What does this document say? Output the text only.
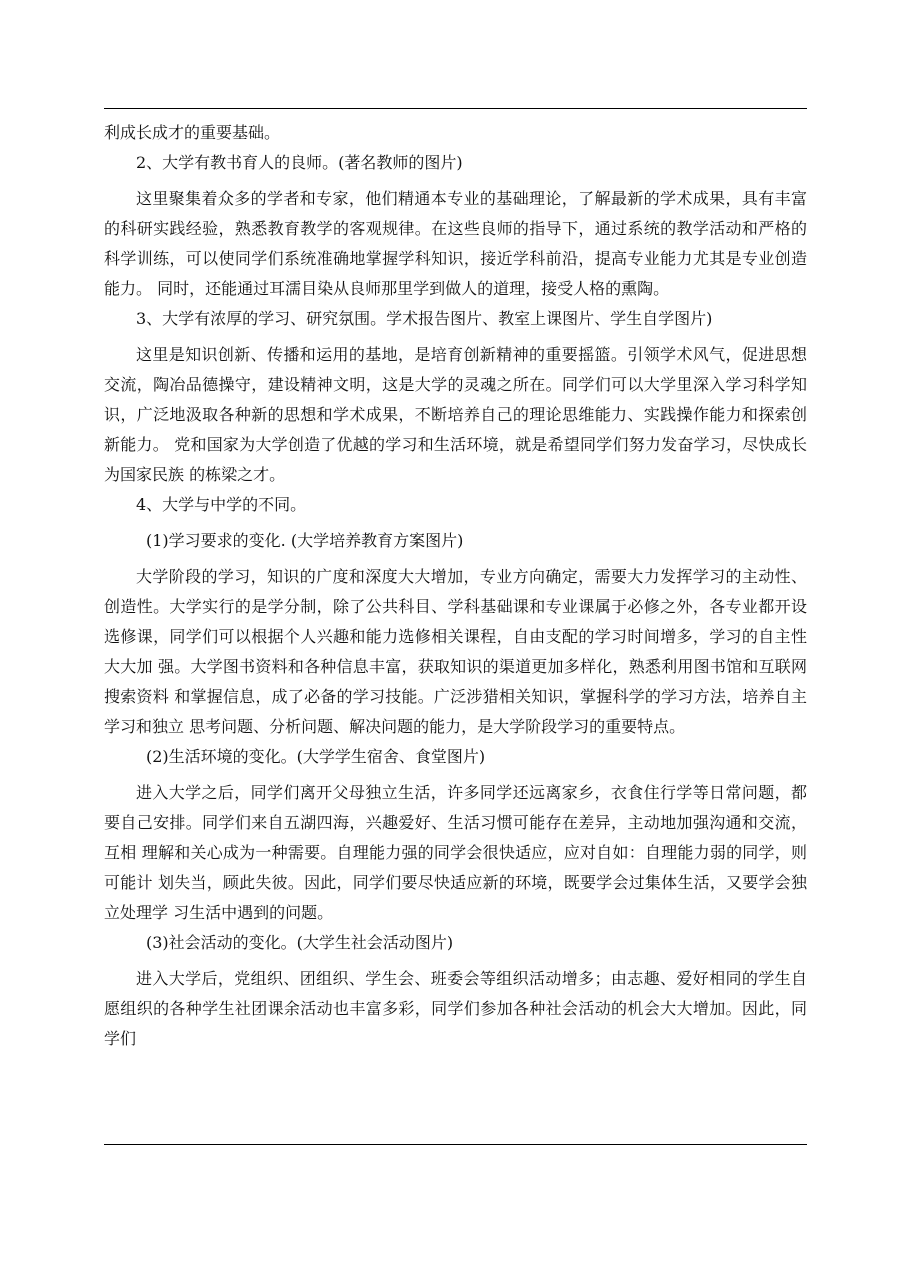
利成长成才的重要基础。

2、大学有教书育人的良师。(著名教师的图片)

这里聚集着众多的学者和专家，他们精通本专业的基础理论，了解最新的学术成果，具有丰富的科研实践经验，熟悉教育教学的客观规律。在这些良师的指导下，通过系统的教学活动和严格的科学训练，可以使同学们系统准确地掌握学科知识，接近学科前沿，提高专业能力尤其是专业创造能力。 同时，还能通过耳濡目染从良师那里学到做人的道理，接受人格的熏陶。

3、大学有浓厚的学习、研究氛围。学术报告图片、教室上课图片、学生自学图片)

这里是知识创新、传播和运用的基地，是培育创新精神的重要摇篮。引领学术风气，促进思想交流，陶冶品德操守，建设精神文明，这是大学的灵魂之所在。同学们可以大学里深入学习科学知识，广泛地汲取各种新的思想和学术成果，不断培养自己的理论思维能力、实践操作能力和探索创新能力。 党和国家为大学创造了优越的学习和生活环境，就是希望同学们努力发奋学习，尽快成长为国家民族 的栋梁之才。

4、大学与中学的不同。

(1)学习要求的变化. (大学培养教育方案图片)

大学阶段的学习，知识的广度和深度大大增加，专业方向确定，需要大力发挥学习的主动性、创造性。大学实行的是学分制，除了公共科目、学科基础课和专业课属于必修之外，各专业都开设选修课，同学们可以根据个人兴趣和能力选修相关课程，自由支配的学习时间增多，学习的自主性大大加 强。大学图书资料和各种信息丰富，获取知识的渠道更加多样化，熟悉利用图书馆和互联网搜索资料 和掌握信息，成了必备的学习技能。广泛涉猎相关知识，掌握科学的学习方法，培养自主学习和独立 思考问题、分析问题、解决问题的能力，是大学阶段学习的重要特点。

(2)生活环境的变化。(大学学生宿舍、食堂图片)

进入大学之后，同学们离开父母独立生活，许多同学还远离家乡，衣食住行学等日常问题，都要自己安排。同学们来自五湖四海，兴趣爱好、生活习惯可能存在差异，主动地加强沟通和交流，互相 理解和关心成为一种需要。自理能力强的同学会很快适应，应对自如：自理能力弱的同学，则可能计 划失当，顾此失彼。因此，同学们要尽快适应新的环境，既要学会过集体生活，又要学会独立处理学 习生活中遇到的问题。

(3)社会活动的变化。(大学生社会活动图片)

进入大学后，党组织、团组织、学生会、班委会等组织活动增多；由志趣、爱好相同的学生自愿组织的各种学生社团课余活动也丰富多彩，同学们参加各种社会活动的机会大大增加。因此，同学们
